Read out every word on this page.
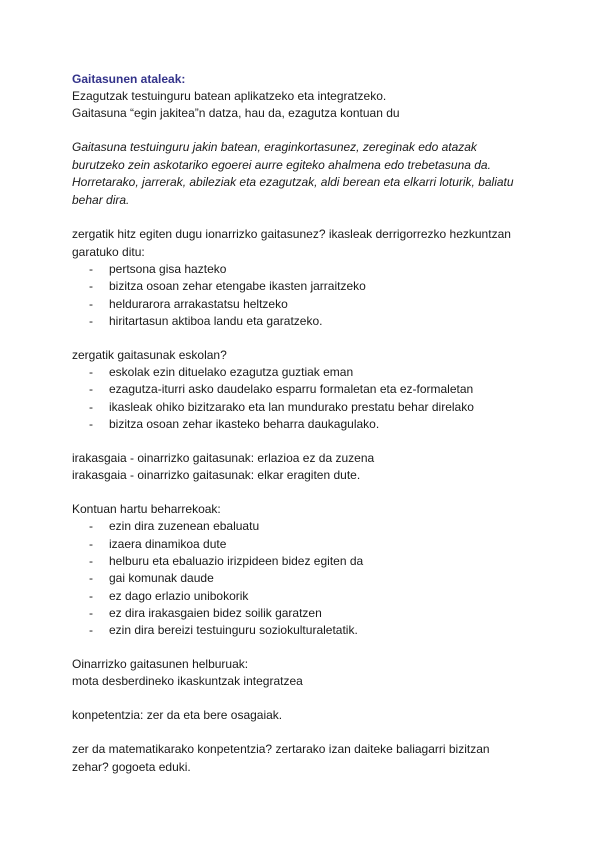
Gaitasunen ataleak:
Ezagutzak testuinguru batean aplikatzeko eta integratzeko.
Gaitasuna “egin jakitea”n datza, hau da, ezagutza kontuan du
Gaitasuna testuinguru jakin batean, eraginkortasunez, zereginak edo atazak burutzeko zein askotariko egoerei aurre egiteko ahalmena edo trebetasuna da. Horretarako, jarrerak, abileziak eta ezagutzak, aldi berean eta elkarri loturik, baliatu behar dira.
zergatik hitz egiten dugu ionarrizko gaitasunez? ikasleak derrigorrezko hezkuntzan garatuko ditu:
- pertsona gisa hazteko
- bizitza osoan zehar etengabe ikasten jarraitzeko
- heldurarora arrakastatsu heltzeko
- hiritartasun aktiboa landu eta garatzeko.
zergatik gaitasunak eskolan?
- eskolak ezin dituelako ezagutza guztiak eman
- ezagutza-iturri asko daudelako esparru formaletan eta ez-formaletan
- ikasleak ohiko bizitzarako eta lan mundurako prestatu behar direlako
- bizitza osoan zehar ikasteko beharra daukagulako.
irakasgaia - oinarrizko gaitasunak: erlazioa ez da zuzena
irakasgaia - oinarrizko gaitasunak: elkar eragiten dute.
Kontuan hartu beharrekoak:
- ezin dira zuzenean ebaluatu
- izaera dinamikoa dute
- helburu eta ebaluazio irizpideen bidez egiten da
- gai komunak daude
- ez dago erlazio unibokorik
- ez dira irakasgaien bidez soilik garatzen
- ezin dira bereizi testuinguru soziokulturaletatik.
Oinarrizko gaitasunen helburuak:
mota desberdineko ikaskuntzak integratzea
konpetentzia: zer da eta bere osagaiak.
zer da matematikarako konpetentzia? zertarako izan daiteke baliagarri bizitzan zehar? gogoeta eduki.
